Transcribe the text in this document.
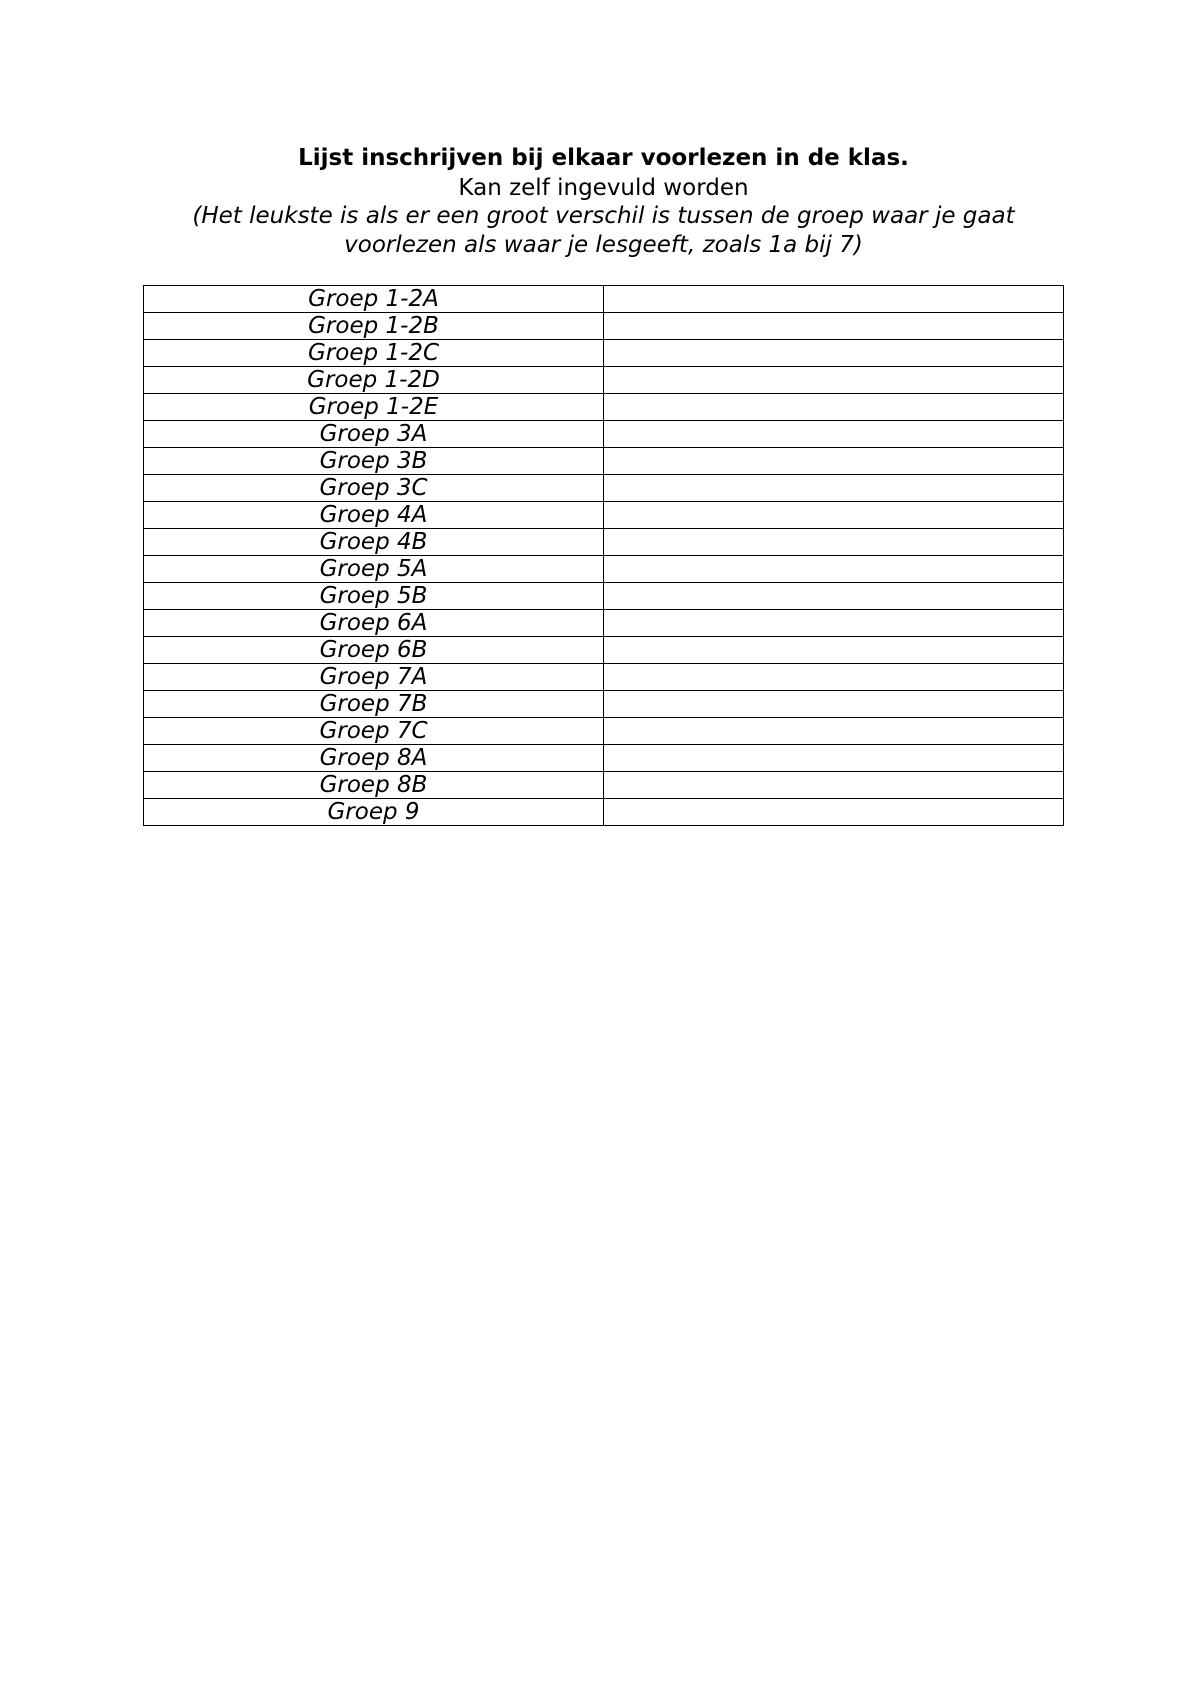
Lijst inschrijven bij elkaar voorlezen in de klas.

Kan zelf ingevuld worden

(Het leukste is als er een groot verschil is tussen de groep waar je gaat

voorlezen als waar je lesgeeft, zoals 1a bij 7)

Groep 1-2A	
Groep 1-2B	
Groep 1-2C	
Groep 1-2D	
Groep 1-2E	
Groep 3A	
Groep 3B	
Groep 3C	
Groep 4A	
Groep 4B	
Groep 5A	
Groep 5B	
Groep 6A	
Groep 6B	
Groep 7A	
Groep 7B	
Groep 7C	
Groep 8A	
Groep 8B	
Groep 9	
